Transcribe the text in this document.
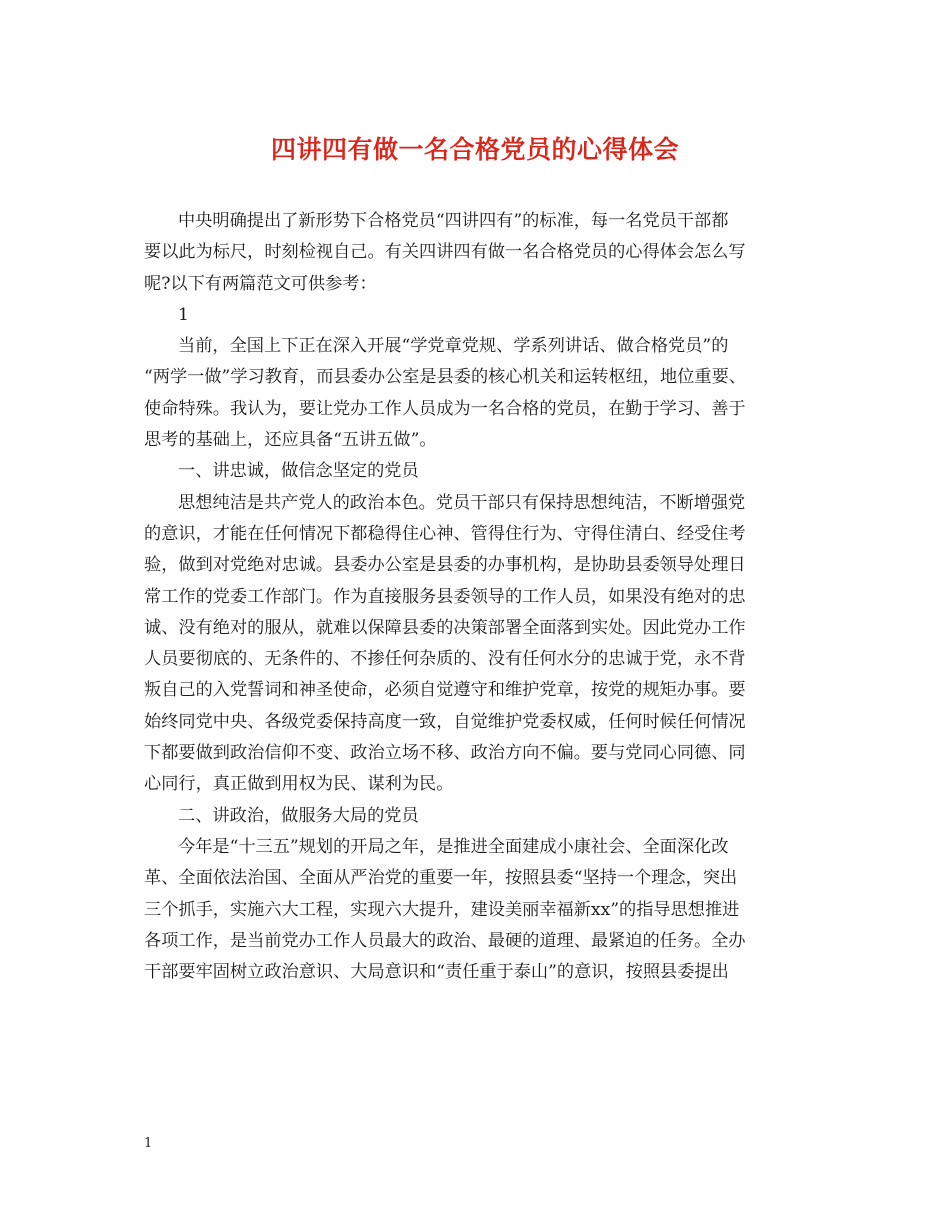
四讲四有做一名合格党员的心得体会
中央明确提出了新形势下合格党员“四讲四有”的标准，每一名党员干部都
要以此为标尺，时刻检视自己。有关四讲四有做一名合格党员的心得体会怎么写
呢?以下有两篇范文可供参考：
1
当前，全国上下正在深入开展“学党章党规、学系列讲话、做合格党员”的
“两学一做”学习教育，而县委办公室是县委的核心机关和运转枢纽，地位重要、
使命特殊。我认为，要让党办工作人员成为一名合格的党员，在勤于学习、善于
思考的基础上，还应具备“五讲五做”。
一、讲忠诚，做信念坚定的党员
思想纯洁是共产党人的政治本色。党员干部只有保持思想纯洁，不断增强党
的意识，才能在任何情况下都稳得住心神、管得住行为、守得住清白、经受住考
验，做到对党绝对忠诚。县委办公室是县委的办事机构，是协助县委领导处理日
常工作的党委工作部门。作为直接服务县委领导的工作人员，如果没有绝对的忠
诚、没有绝对的服从，就难以保障县委的决策部署全面落到实处。因此党办工作
人员要彻底的、无条件的、不掺任何杂质的、没有任何水分的忠诚于党，永不背
叛自己的入党誓词和神圣使命，必须自觉遵守和维护党章，按党的规矩办事。要
始终同党中央、各级党委保持高度一致，自觉维护党委权威，任何时候任何情况
下都要做到政治信仰不变、政治立场不移、政治方向不偏。要与党同心同德、同
心同行，真正做到用权为民、谋利为民。
二、讲政治，做服务大局的党员
今年是“十三五”规划的开局之年，是推进全面建成小康社会、全面深化改
革、全面依法治国、全面从严治党的重要一年，按照县委“坚持一个理念，突出
三个抓手，实施六大工程，实现六大提升，建设美丽幸福新xx”的指导思想推进
各项工作，是当前党办工作人员最大的政治、最硬的道理、最紧迫的任务。全办
干部要牢固树立政治意识、大局意识和“责任重于泰山”的意识，按照县委提出
1
